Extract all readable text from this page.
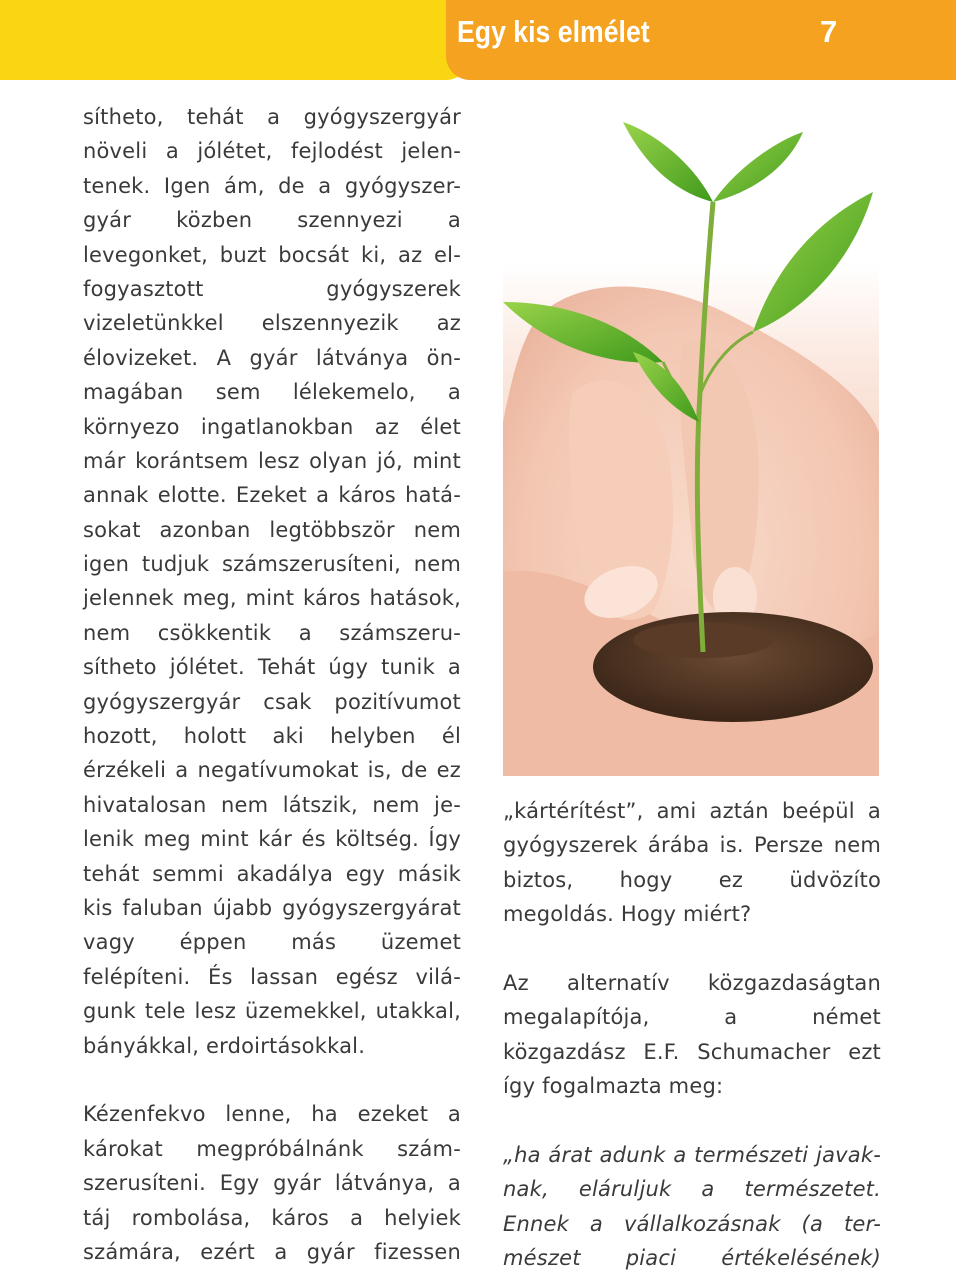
Egy kis elmélet	7
sítheto, tehát a gyógyszergyár
növeli a jólétet, fejlodést jelen-
tenek. Igen ám, de a gyógyszer-
gyár közben szennyezi a
levegonket, buzt bocsát ki, az el-
fogyasztott gyógyszerek
vizeletünkkel elszennyezik az
élovizeket. A gyár látványa ön-
magában sem lélekemelo, a
környezo ingatlanokban az élet
már korántsem lesz olyan jó, mint
annak elotte. Ezeket a káros hatá-
sokat azonban legtöbbször nem
igen tudjuk számszerusíteni, nem
jelennek meg, mint káros hatások,
nem csökkentik a számszeru-
sítheto jólétet. Tehát úgy tunik a
gyógyszergyár csak pozitívumot
hozott, holott aki helyben él
érzékeli a negatívumokat is, de ez
hivatalosan nem látszik, nem je-
lenik meg mint kár és költség. Így
tehát semmi akadálya egy másik
kis faluban újabb gyógyszergyárat
vagy éppen más üzemet
felépíteni. És lassan egész vilá-
gunk tele lesz üzemekkel, utakkal,
bányákkal, erdoirtásokkal.
Kézenfekvo lenne, ha ezeket a
károkat megpróbálnánk szám-
szerusíteni. Egy gyár látványa, a
táj rombolása, káros a helyiek
számára, ezért a gyár fizessen
„kártérítést”, ami aztán beépül a
gyógyszerek árába is. Persze nem
biztos, hogy ez üdvözíto
megoldás. Hogy miért?
Az alternatív közgazdaságtan
megalapítója, a német
közgazdász E.F. Schumacher ezt
így fogalmazta meg:
„ha árat adunk a természeti javak-
nak, eláruljuk a természetet.
Ennek a vállalkozásnak (a ter-
mészet piaci értékelésének)
